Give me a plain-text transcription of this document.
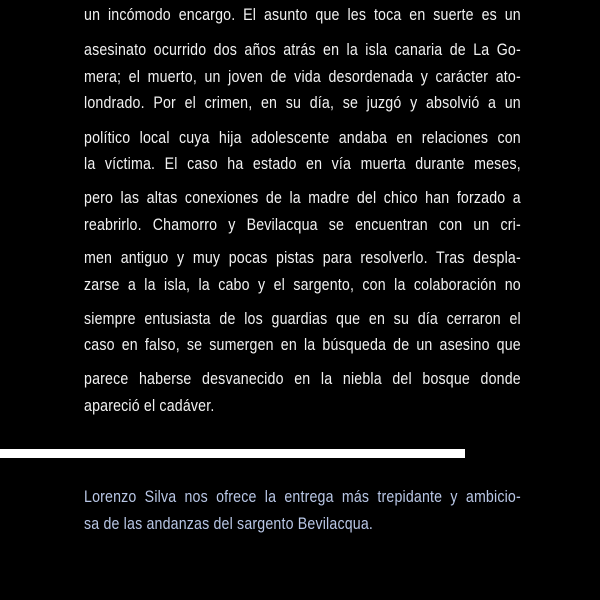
un incómodo encargo. El asunto que les toca en suerte es un
asesinato ocurrido dos años atrás en la isla canaria de La Go-
mera; el muerto, un joven de vida desordenada y carácter ato-
londrado. Por el crimen, en su día, se juzgó y absolvió a un
político local cuya hija adolescente andaba en relaciones con
la víctima. El caso ha estado en vía muerta durante meses,
pero las altas conexiones de la madre del chico han forzado a
reabrirlo. Chamorro y Bevilacqua se encuentran con un cri-
men antiguo y muy pocas pistas para resolverlo. Tras despla-
zarse a la isla, la cabo y el sargento, con la colaboración no
siempre entusiasta de los guardias que en su día cerraron el
caso en falso, se sumergen en la búsqueda de un asesino que
parece haberse desvanecido en la niebla del bosque donde
apareció el cadáver.
Lorenzo Silva nos ofrece la entrega más trepidante y ambicio-
sa de las andanzas del sargento Bevilacqua.
